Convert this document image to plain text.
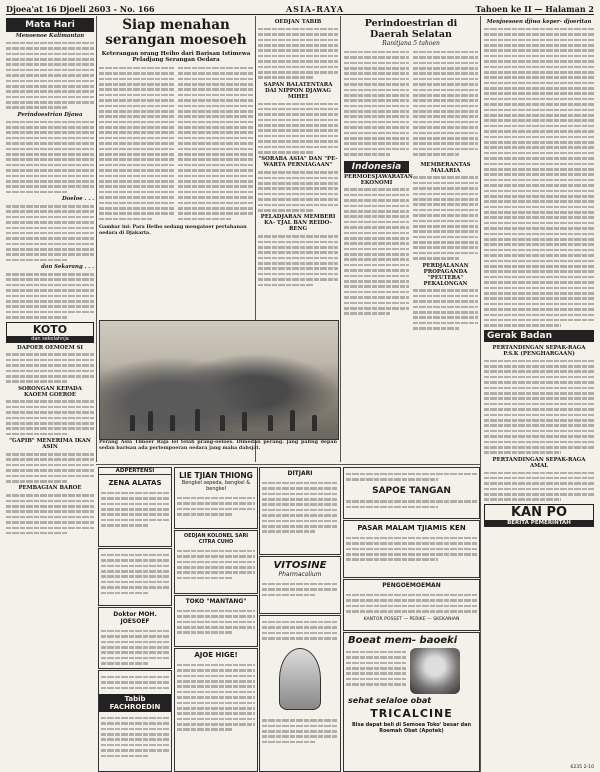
Djoea'at 16 Djoeli 2603 - No. 166	ASIA-RAYA	Tahoen ke II — Halaman 2
Mata Hari
Menoenoe Kalimantan
Perindoestrian Djawa
Doeloe . . .
dan Sekarang . . .
KOTO
dan sekolahnja
DAPOER OEMOEM SI
SORONGAN KEPADA KAOEM GOEROE
"GAPIB" MENERIMA IKAN ASIN
PEMBAGIAN BAROE
Siap menahan serangan moesoeh
Keterangan orang Heiho dari Barisan Istimewa Peladjang Serangan Oedara
Gambar ini: Para Heiho sedang mengatoer pertahanan oedara di Djakarta.
Perang Asia Timoer Raja lel telah prang-oeloes. Dimedan perang. jang paling depan sedan barisan ada pertempoeran oedara jang maha dahsjat.
OEDJAN TABIB
SAPAN BALATENTARA DAI NIPPON DJAWAG MIHEI
"SORABA ASIA" DAN "PE- WARTA PERNIAGAAN"
PELADJARAN MEMBERI KA- TJAL BAN REIDO-RENG
Perindoestrian di Daerah Selatan
Ranitjana 5 tahoen
Indonesia
PERMOESJAWARATAN EKONOMI
MEMBERANTAS MALARIA
PERDJALANAN PROPAGANDA "PEUTERA" PEKALONGAN
Menjoesoen djiwa keper- djoeritan
Gerak Badan
PERTANDINGAN SEPAK-RAGA P.S.K (PENGHARGAAN)
PERTANDINGAN SEPAK-RAGA AMAL
KAN PO
BERITA PEMERINTAH
ADPERTENSI
ZENA ALATAS
Doktor MOH. JOESOEF
Tabib FACHROEDIN
LIE TJIAN THIONG
Bengkel sepeda, bengkel & bengkel
OEDJAN KOLONEL SARI CITRA CUHO
TOKO "MANTANG"
AJOE HIGE!
DITJARI
VITOSINE
Pharmacolium
SAPOE TANGAN
PASAR MALAM TJIAMIS KEN
PENGOEMOEMAN
KANTOR POSSET — PERIKE — SKEKANIAN
Boeat mem- baoeki
sehat selaloe obat
TRICALCINE
Bisa dapat beli di Semoea Toko' besar dan Roemah Obat (Apotek)
6235 2-10
